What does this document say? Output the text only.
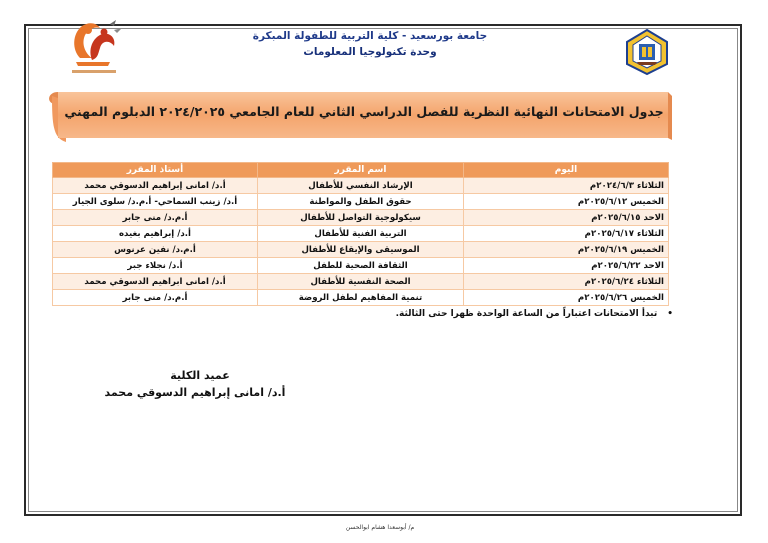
جامعة بورسعيد - كلية التربية للطفولة المبكرة
وحدة تكنولوجيا المعلومات
جدول الامتحانات النهائية النظرية للفصل الدراسي الثاني للعام الجامعي ٢٠٢٤/٢٠٢٥ الدبلوم المهني
اليوم	اسم المقرر	أستاذ المقرر
الثلاثاء ٢٠٢٤/٦/٣م	الإرشاد النفسي للأطفال	أ.د/ امانى إبراهيم الدسوقي محمد
الخميس ٢٠٢٥/٦/١٢م	حقوق الطفل والمواطنة	أ.د/ زينب السماحي- أ.م.د/ سلوى الجيار
الاحد ٢٠٢٥/٦/١٥م	سيكولوجية التواصل للأطفال	أ.م.د/ منى جابر
الثلاثاء ٢٠٢٥/٦/١٧م	التربية الفنية للأطفال	أ.د/ إبراهيم بغيده
الخميس ٢٠٢٥/٦/١٩م	الموسيقى والإيقاع للأطفال	أ.م.د/ نفين عرنوس
الاحد ٢٠٢٥/٦/٢٢م	الثقافة الصحية للطفل	أ.د/ نجلاء جبر
الثلاثاء ٢٠٢٥/٦/٢٤م	الصحة النفسية للأطفال	أ.د/ امانى ابراهيم الدسوقي محمد
الخميس ٢٠٢٥/٦/٢٦م	تنمية المفاهيم لطفل الروضة	أ.م.د/ منى جابر
•تبدأ الامتحانات اعتباراً من الساعة الواحدة ظهرا حتى الثالثة.
عميد الكلية
أ.د/ امانى إبراهيم الدسوقي محمد
م/ أبوسعدا هشام ابوالحسن
